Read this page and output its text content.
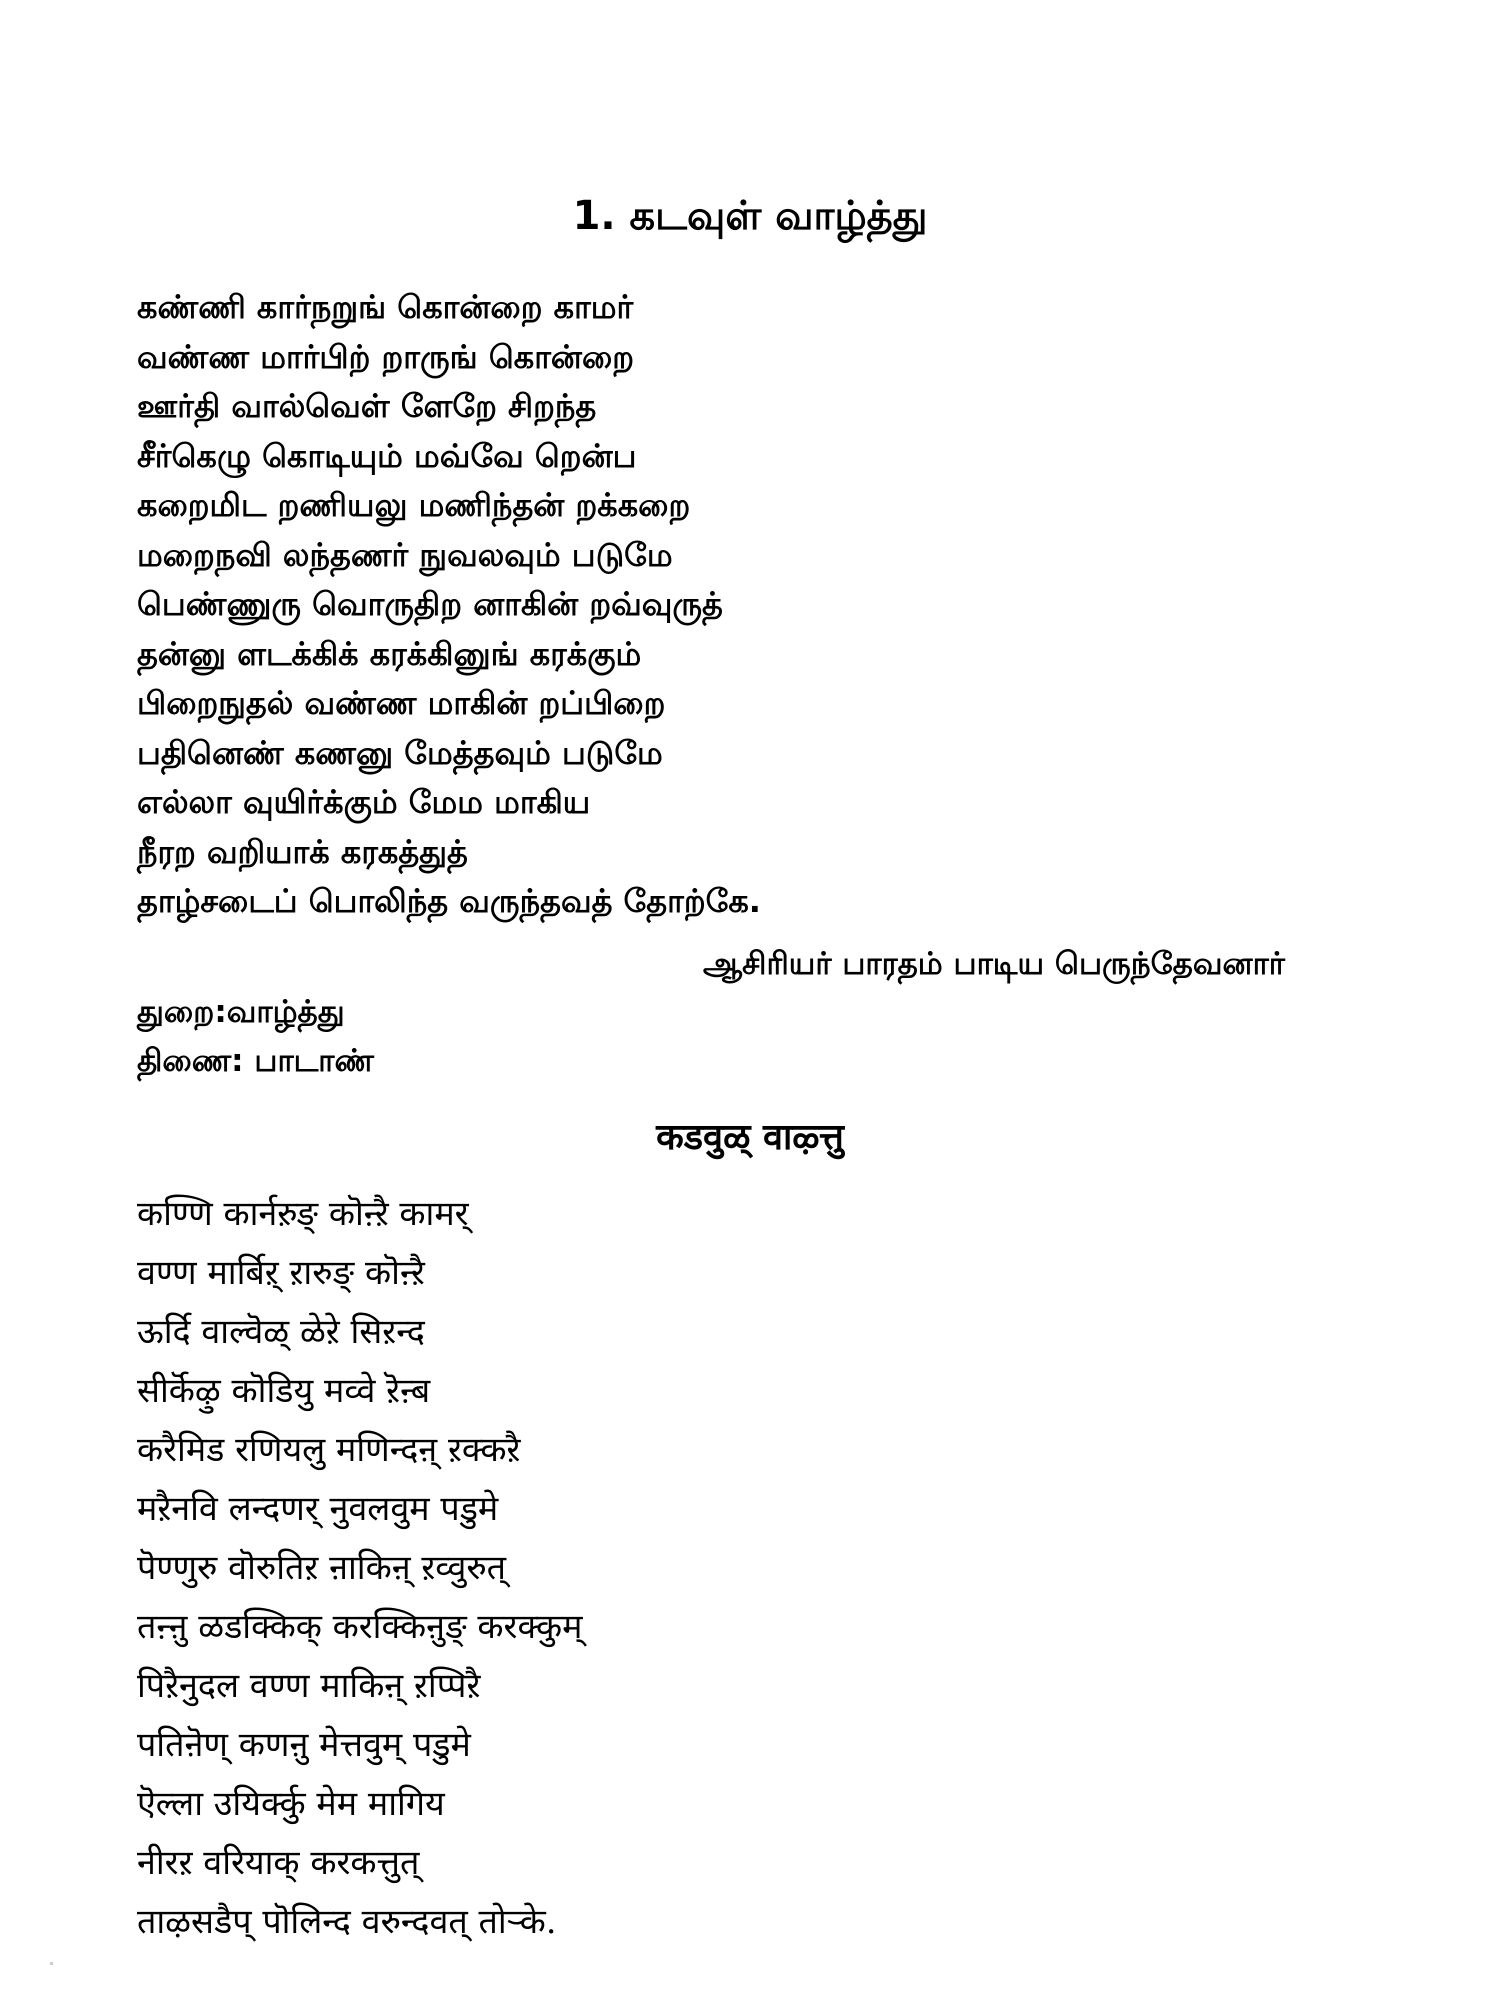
1. கடவுள் வாழ்த்து
கண்ணி கார்நறுங் கொன்றை காமர்
வண்ண மார்பிற் றாருங் கொன்றை
ஊர்தி வால்வெள் ளேறே சிறந்த
சீர்கெழு கொடியும் மவ்வே றென்ப
கறைமிட றணியலு மணிந்தன் றக்கறை
மறைநவி லந்தணர் நுவலவும் படுமே
பெண்ணுரு வொருதிற னாகின் றவ்வுருத்
தன்னு ளடக்கிக் கரக்கினுங் கரக்கும்
பிறைநுதல் வண்ண மாகின் றப்பிறை
பதினெண் கணனு மேத்தவும் படுமே
எல்லா வுயிர்க்கும் மேம மாகிய
நீரற வறியாக் கரகத்துத்
தாழ்சடைப் பொலிந்த வருந்தவத் தோற்கே.
ஆசிரியர் பாரதம் பாடிய பெருந்தேவனார்
துறை:வாழ்த்து
திணை: பாடாண்
कडवुळ् वाऴ्त्तु
कण्णि कार्नऱुङ् कॊऩ्ऱै कामर्
वण्ण मार्बिऱ् ऱारुङ् कॊऩ्ऱै
ऊर्दि वाल्वॆळ् ळेऱे सिऱन्द
सीर्कॆऴु कॊडियु मव्वे ऱॆऩ्ब
करैमिड रणियलु मणिन्दऩ् ऱक्कऱै
मऱैनवि लन्दणर् नुवलवुम पडुमे
पॆण्णुरु वॊरुतिऱ ऩाकिऩ् ऱव्वुरुत्
तऩ्ऩु ळडक्किक् करक्किऩुङ् करक्कुम्
पिऱैनुदल वण्ण माकिऩ् ऱप्पिऱै
पतिऩॆण् कणऩु मेत्तवुम् पडुमे
ऎल्ला उयिर्क्कु मेम मागिय
नीरऱ वरियाक् करकत्तुत्
ताऴसडैप् पॊलिन्द वरुन्दवत् तोऱ्के.
